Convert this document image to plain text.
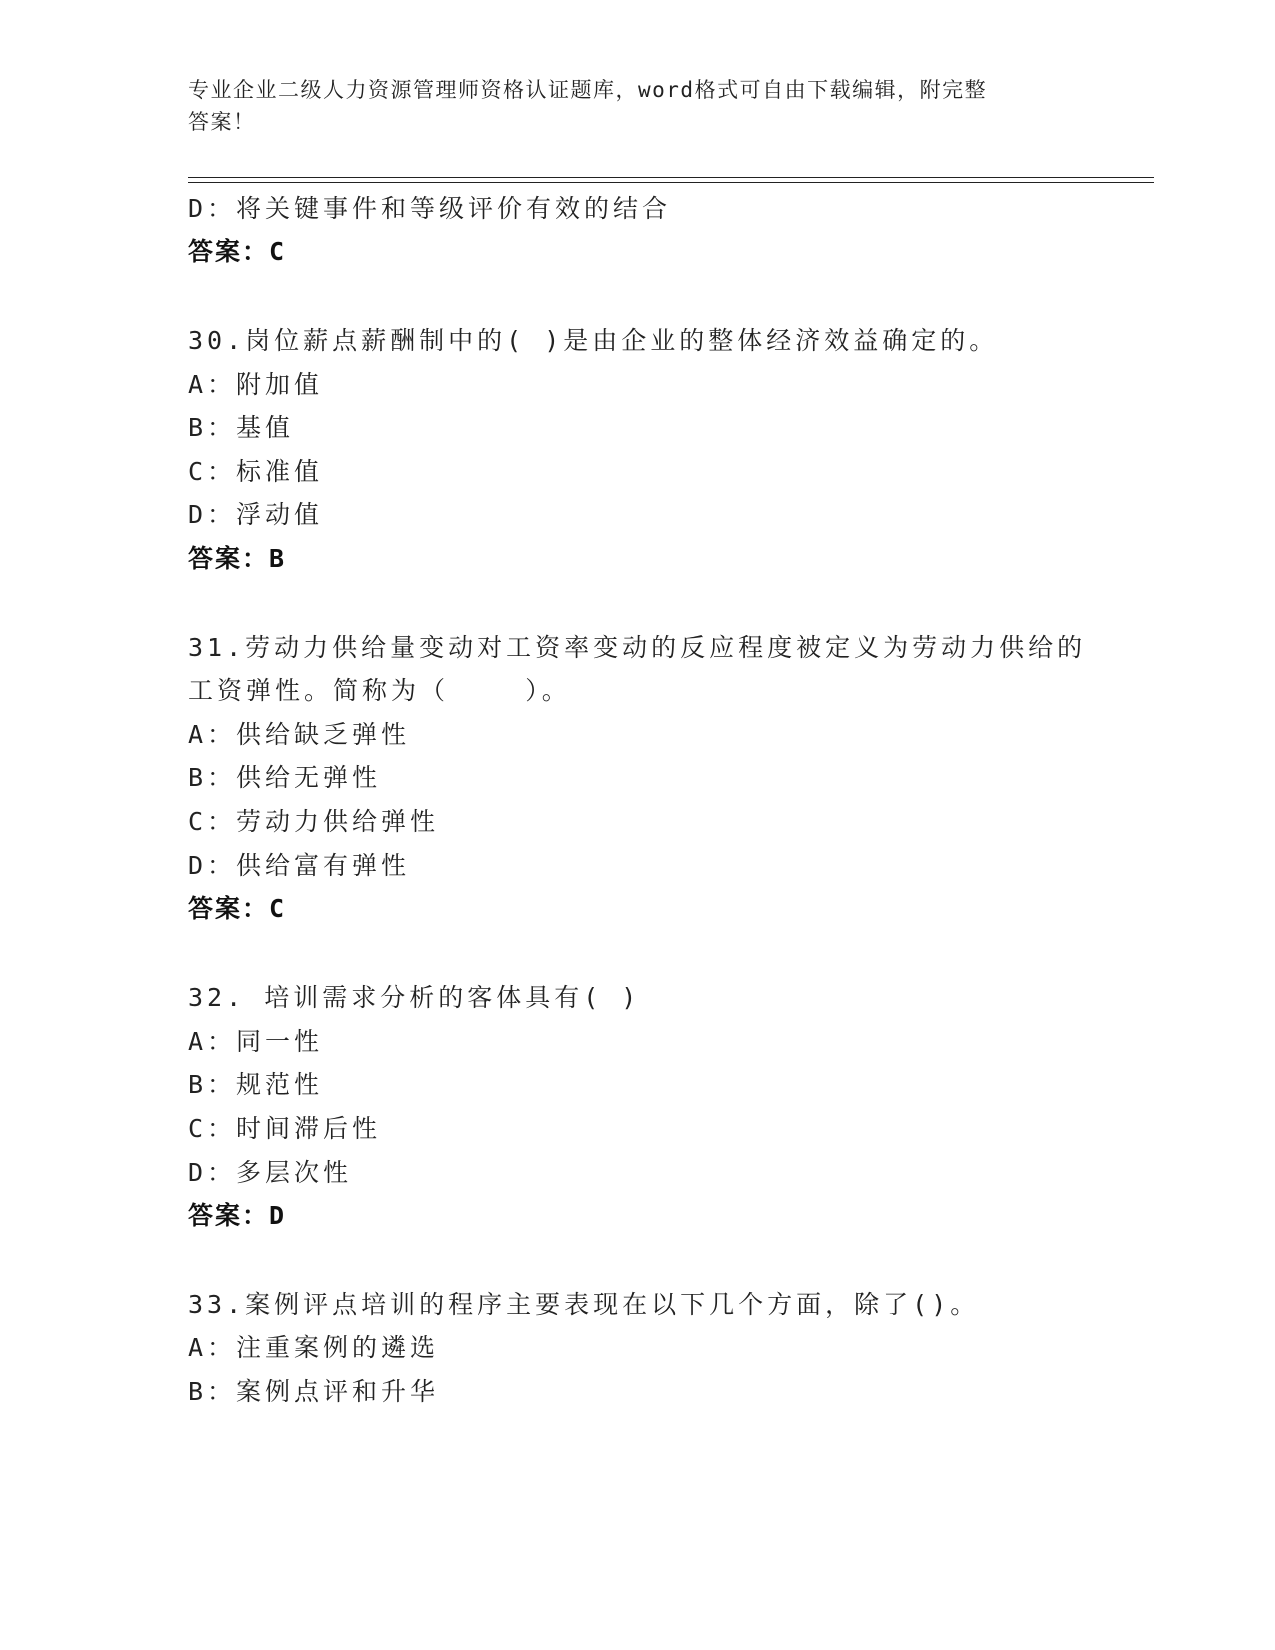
专业企业二级人力资源管理师资格认证题库，word格式可自由下载编辑，附完整
答案！
D：将关键事件和等级评价有效的结合
答案：C
30.岗位薪点薪酬制中的( )是由企业的整体经济效益确定的。
A：附加值
B：基值
C：标准值
D：浮动值
答案：B
31.劳动力供给量变动对工资率变动的反应程度被定义为劳动力供给的
工资弹性。简称为（    ）。
A：供给缺乏弹性
B：供给无弹性
C：劳动力供给弹性
D：供给富有弹性
答案：C
32. 培训需求分析的客体具有( )
A：同一性
B：规范性
C：时间滞后性
D：多层次性
答案：D
33.案例评点培训的程序主要表现在以下几个方面，除了()。
A：注重案例的遴选
B：案例点评和升华
